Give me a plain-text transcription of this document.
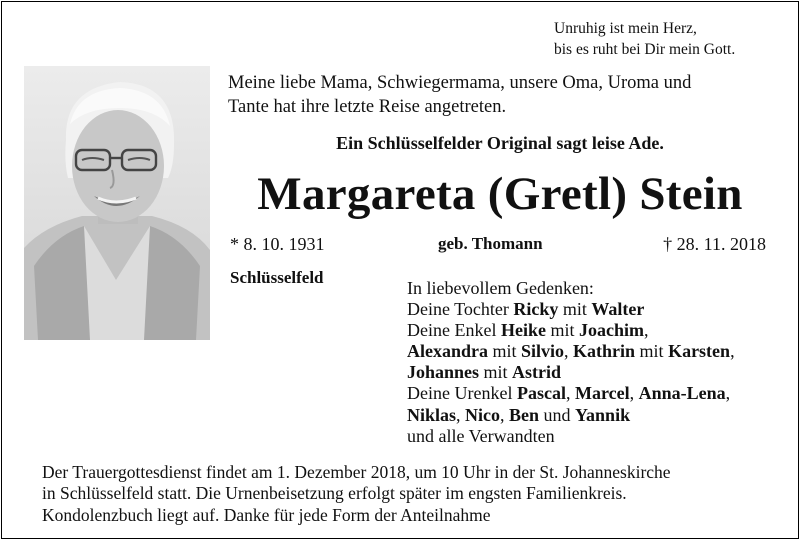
Unruhig ist mein Herz,
bis es ruht bei Dir mein Gott.
Meine liebe Mama, Schwiegermama, unsere Oma, Uroma und
Tante hat ihre letzte Reise angetreten.
Ein Schlüsselfelder Original sagt leise Ade.
Margareta (Gretl) Stein
* 8. 10. 1931	geb. Thomann	† 28. 11. 2018
Schlüsselfeld
In liebevollem Gedenken:
Deine Tochter Ricky mit Walter
Deine Enkel Heike mit Joachim,
Alexandra mit Silvio, Kathrin mit Karsten,
Johannes mit Astrid
Deine Urenkel Pascal, Marcel, Anna-Lena,
Niklas, Nico, Ben und Yannik
und alle Verwandten
Der Trauergottesdienst findet am 1. Dezember 2018, um 10 Uhr in der St. Johanneskirche
in Schlüsselfeld statt. Die Urnenbeisetzung erfolgt später im engsten Familienkreis.
Kondolenzbuch liegt auf. Danke für jede Form der Anteilnahme
